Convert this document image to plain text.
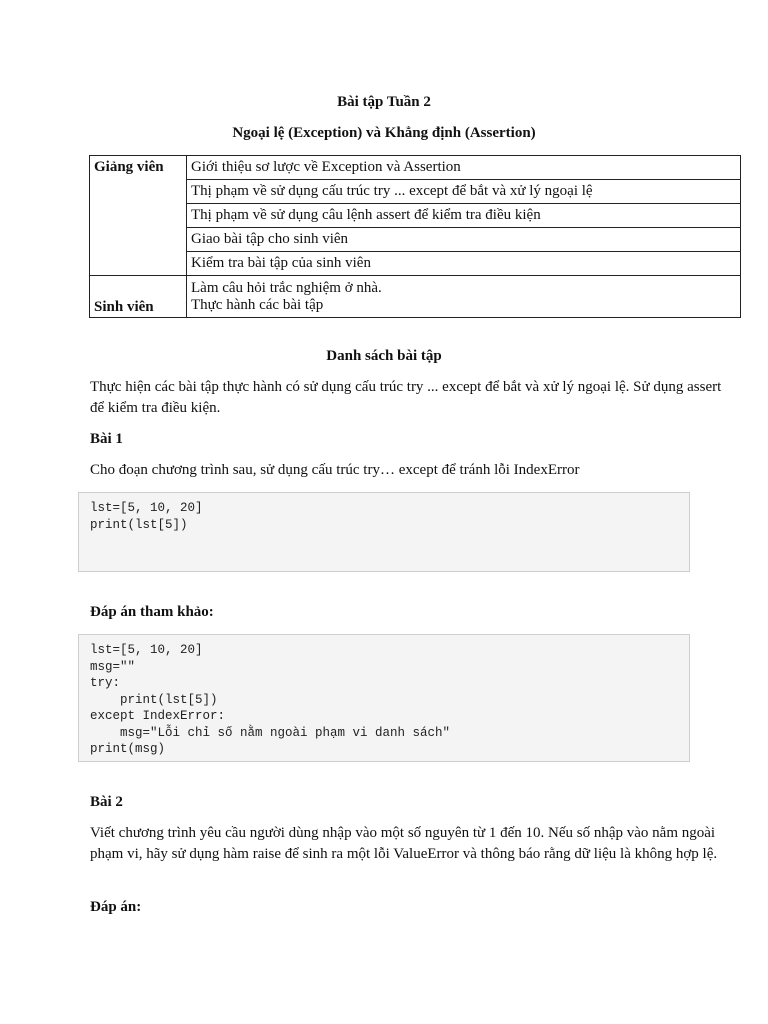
Bài tập Tuần 2
Ngoại lệ (Exception) và Khẳng định (Assertion)
Giảng viên	Giới thiệu sơ lược về Exception và Assertion
	Thị phạm về sử dụng cấu trúc try ... except để bắt và xử lý ngoại lệ
	Thị phạm về sử dụng câu lệnh assert để kiểm tra điều kiện
	Giao bài tập cho sinh viên
	Kiểm tra bài tập của sinh viên
Sinh viên	Làm câu hỏi trắc nghiệm ở nhà.
Thực hành các bài tập
Danh sách bài tập
Thực hiện các bài tập thực hành có sử dụng cấu trúc try ... except để bắt và xử lý ngoại lệ. Sử dụng assert để kiểm tra điều kiện.
Bài 1
Cho đoạn chương trình sau, sử dụng cấu trúc try… except để tránh lỗi IndexError
lst=[5, 10, 20]
print(lst[5])
Đáp án tham khảo:
lst=[5, 10, 20]
msg=""
try:
print(lst[5])
except IndexError:
msg="Lỗi chỉ số nằm ngoài phạm vi danh sách"
print(msg)
Bài 2
Viết chương trình yêu cầu người dùng nhập vào một số nguyên từ 1 đến 10. Nếu số nhập vào nằm ngoài phạm vi, hãy sử dụng hàm raise để sinh ra một lỗi ValueError và thông báo rằng dữ liệu là không hợp lệ.
Đáp án:
